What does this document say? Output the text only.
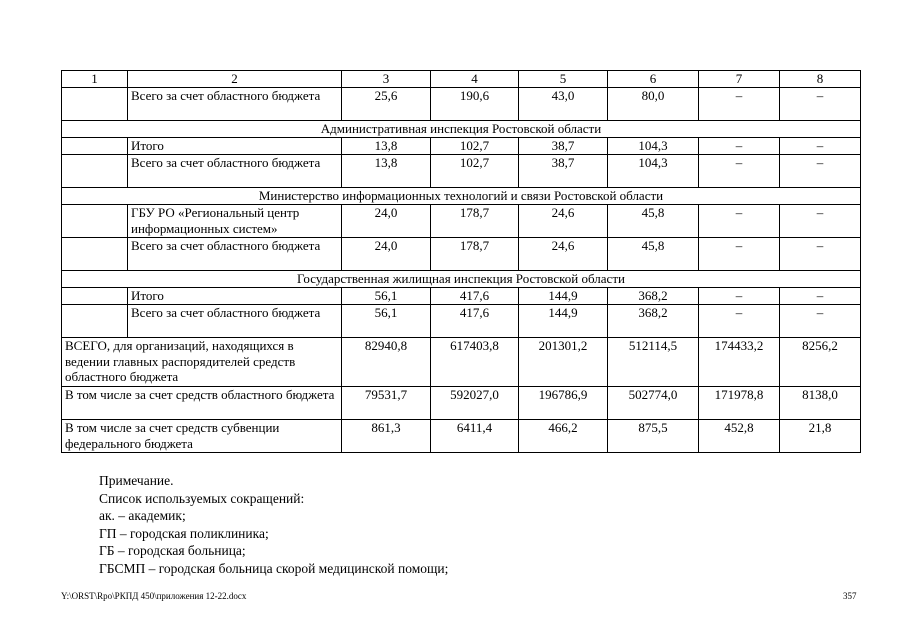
1	2	3	4	5	6	7	8
	Всего за счет областного бюджета	25,6	190,6	43,0	80,0	–	–
Административная инспекция Ростовской области							
	Итого	13,8	102,7	38,7	104,3	–	–
	Всего за счет областного бюджета	13,8	102,7	38,7	104,3	–	–
Министерство информационных технологий и связи Ростовской области							
	ГБУ РО «Региональный центр информационных систем»	24,0	178,7	24,6	45,8	–	–
	Всего за счет областного бюджета	24,0	178,7	24,6	45,8	–	–
Государственная жилищная инспекция Ростовской области							
	Итого	56,1	417,6	144,9	368,2	–	–
	Всего за счет областного бюджета	56,1	417,6	144,9	368,2	–	–
ВСЕГО, для организаций, находящихся в ведении главных распорядителей средств областного бюджета		82940,8	617403,8	201301,2	512114,5	174433,2	8256,2
В том числе за счет средств областного бюджета		79531,7	592027,0	196786,9	502774,0	171978,8	8138,0
В том числе за счет средств субвенции федерального бюджета		861,3	6411,4	466,2	875,5	452,8	21,8
Примечание.
Список используемых сокращений:
ак. – академик;
ГП – городская поликлиника;
ГБ – городская больница;
ГБСМП – городская больница скорой медицинской помощи;
Y:\ORST\Rpo\РКПД 450\приложения 12-22.docx	357
